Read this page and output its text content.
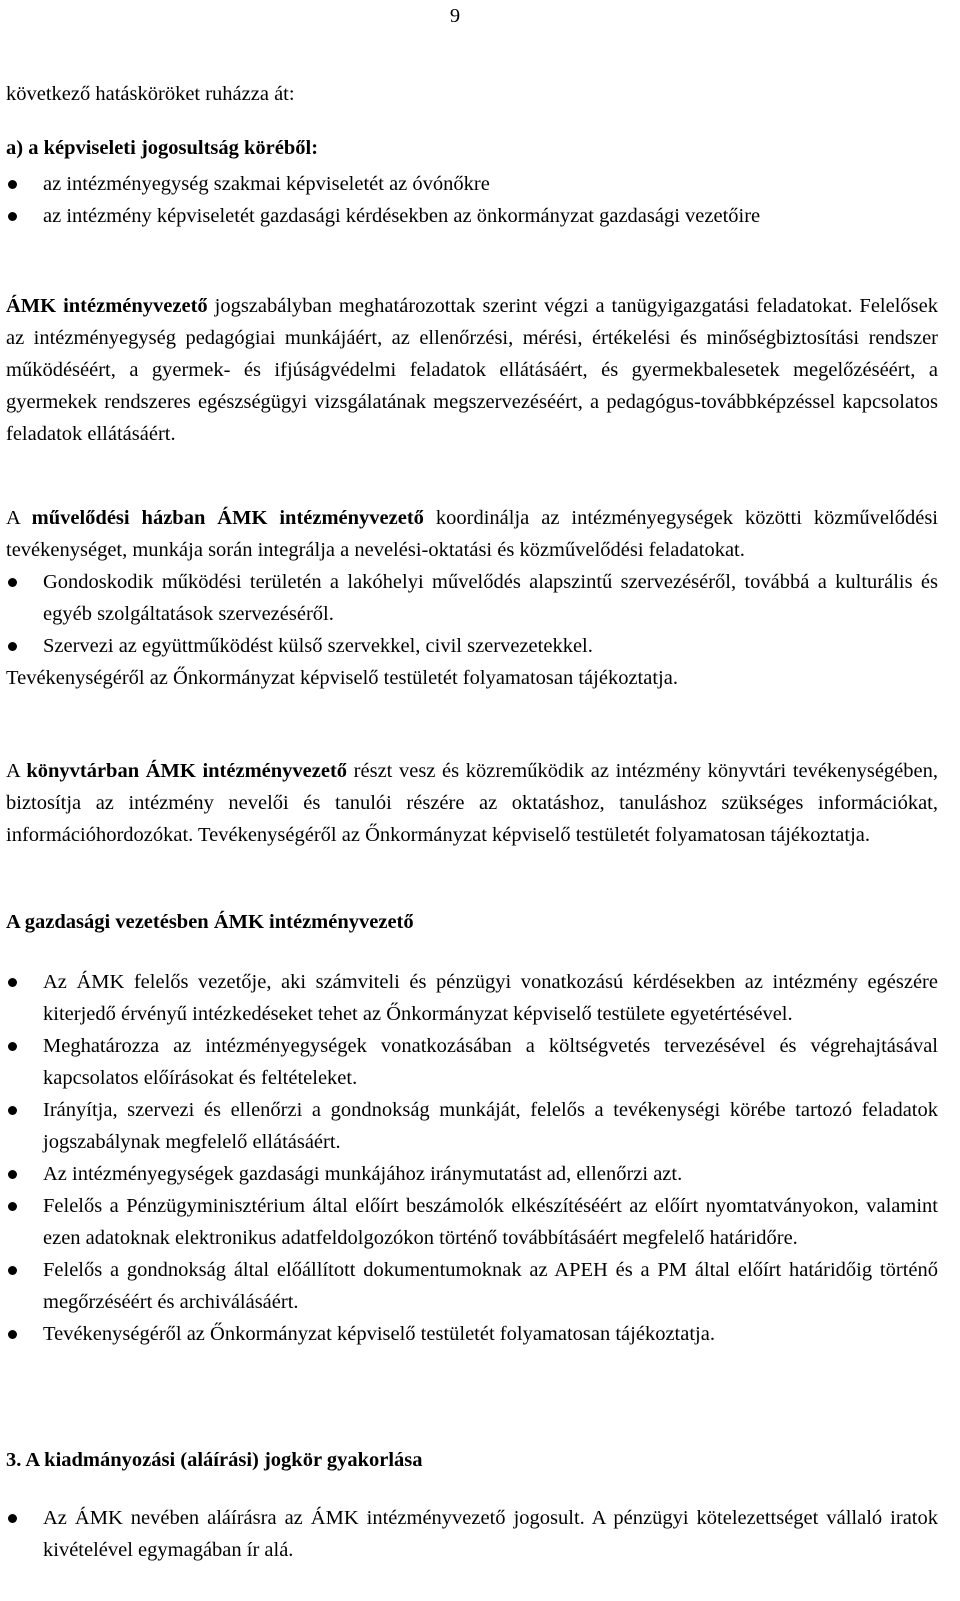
9

következő hatásköröket ruházza át:

a) a képviseleti jogosultság köréből:

az intézményegység szakmai képviseletét az óvónőkre
az intézmény képviseletét gazdasági kérdésekben az önkormányzat gazdasági vezetőire

ÁMK intézményvezető jogszabályban meghatározottak szerint végzi a tanügyigazgatási feladatokat. Felelősek az intézményegység pedagógiai munkájáért, az ellenőrzési, mérési, értékelési és minőségbiztosítási rendszer működéséért, a gyermek- és ifjúságvédelmi feladatok ellátásáért, és gyermekbalesetek megelőzéséért, a gyermekek rendszeres egészségügyi vizsgálatának megszervezéséért, a pedagógus-továbbképzéssel kapcsolatos feladatok ellátásáért.

A művelődési házban ÁMK intézményvezető koordinálja az intézményegységek közötti közművelődési tevékenységet, munkája során integrálja a nevelési-oktatási és közművelődési feladatokat.

Gondoskodik működési területén a lakóhelyi művelődés alapszintű szervezéséről, továbbá a kulturális és egyéb szolgáltatások szervezéséről.
Szervezi az együttműködést külső szervekkel, civil szervezetekkel.

Tevékenységéről az Őnkormányzat képviselő testületét folyamatosan tájékoztatja.

A könyvtárban ÁMK intézményvezető részt vesz és közreműködik az intézmény könyvtári tevékenységében, biztosítja az intézmény nevelői és tanulói részére az oktatáshoz, tanuláshoz szükséges információkat, információhordozókat. Tevékenységéről az Őnkormányzat képviselő testületét folyamatosan tájékoztatja.

A gazdasági vezetésben ÁMK intézményvezető

Az ÁMK felelős vezetője, aki számviteli és pénzügyi vonatkozású kérdésekben az intézmény egészére kiterjedő érvényű intézkedéseket tehet az Őnkormányzat képviselő testülete egyetértésével.
Meghatározza az intézményegységek vonatkozásában a költségvetés tervezésével és végrehajtásával kapcsolatos előírásokat és feltételeket.
Irányítja, szervezi és ellenőrzi a gondnokság munkáját, felelős a tevékenységi körébe tartozó feladatok jogszabálynak megfelelő ellátásáért.
Az intézményegységek gazdasági munkájához iránymutatást ad, ellenőrzi azt.
Felelős a Pénzügyminisztérium által előírt beszámolók elkészítéséért az előírt nyomtatványokon, valamint ezen adatoknak elektronikus adatfeldolgozókon történő továbbításáért megfelelő határidőre.
Felelős a gondnokság által előállított dokumentumoknak az APEH és a PM által előírt határidőig történő megőrzéséért és archiválásáért.
Tevékenységéről az Őnkormányzat képviselő testületét folyamatosan tájékoztatja.

3. A kiadmányozási (aláírási) jogkör gyakorlása

Az ÁMK nevében aláírásra az ÁMK intézményvezető jogosult. A pénzügyi kötelezettséget vállaló iratok kivételével egymagában ír alá.
